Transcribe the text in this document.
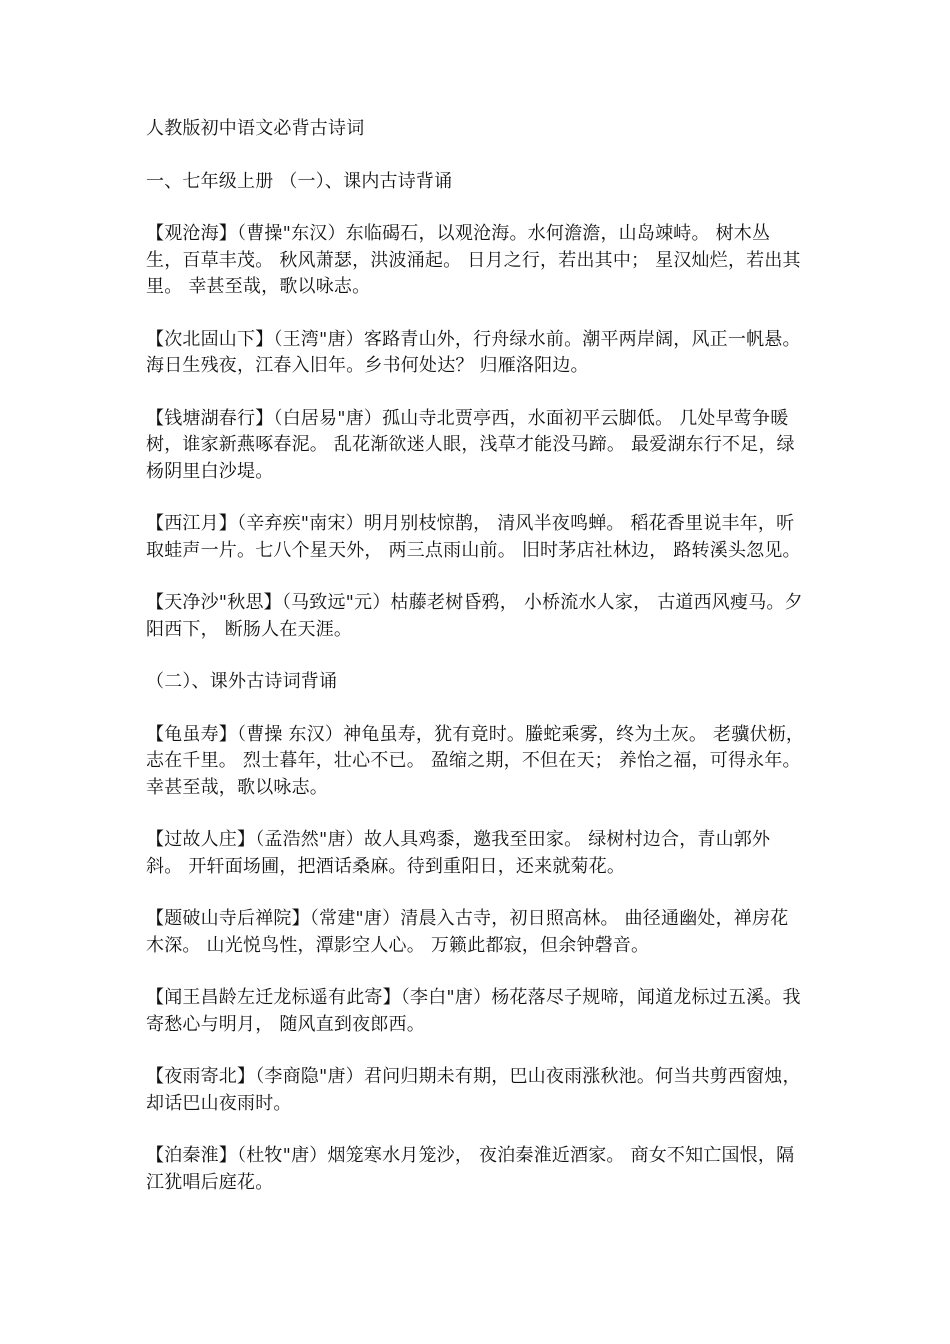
人教版初中语文必背古诗词

一、七年级上册 （一）、课内古诗背诵

【观沧海】（曹操"东汉）东临碣石，以观沧海。水何澹澹，山岛竦峙。 树木丛生，百草丰茂。 秋风萧瑟，洪波涌起。 日月之行，若出其中； 星汉灿烂，若出其里。 幸甚至哉，歌以咏志。

【次北固山下】（王湾"唐）客路青山外，行舟绿水前。潮平两岸阔，风正一帆悬。 海日生残夜，江春入旧年。乡书何处达？ 归雁洛阳边。

【钱塘湖春行】（白居易"唐）孤山寺北贾亭西，水面初平云脚低。 几处早莺争暖树，谁家新燕啄春泥。 乱花渐欲迷人眼，浅草才能没马蹄。 最爱湖东行不足，绿杨阴里白沙堤。

【西江月】（辛弃疾"南宋）明月别枝惊鹊， 清风半夜鸣蝉。 稻花香里说丰年，听取蛙声一片。七八个星天外， 两三点雨山前。 旧时茅店社林边， 路转溪头忽见。

【天净沙"秋思】（马致远"元）枯藤老树昏鸦， 小桥流水人家， 古道西风瘦马。夕阳西下， 断肠人在天涯。

（二）、课外古诗词背诵

【龟虽寿】（曹操 东汉）神龟虽寿，犹有竟时。螣蛇乘雾，终为土灰。 老骥伏枥，志在千里。 烈士暮年，壮心不已。 盈缩之期，不但在天； 养怡之福，可得永年。 幸甚至哉，歌以咏志。

【过故人庄】（孟浩然"唐）故人具鸡黍，邀我至田家。 绿树村边合，青山郭外斜。 开轩面场圃，把酒话桑麻。待到重阳日，还来就菊花。

【题破山寺后禅院】（常建"唐）清晨入古寺，初日照高林。 曲径通幽处，禅房花木深。 山光悦鸟性，潭影空人心。 万籁此都寂，但余钟磬音。

【闻王昌龄左迁龙标遥有此寄】（李白"唐）杨花落尽子规啼，闻道龙标过五溪。我寄愁心与明月， 随风直到夜郎西。

【夜雨寄北】（李商隐"唐）君问归期未有期，巴山夜雨涨秋池。何当共剪西窗烛，却话巴山夜雨时。

【泊秦淮】（杜牧"唐）烟笼寒水月笼沙， 夜泊秦淮近酒家。 商女不知亡国恨，隔江犹唱后庭花。
